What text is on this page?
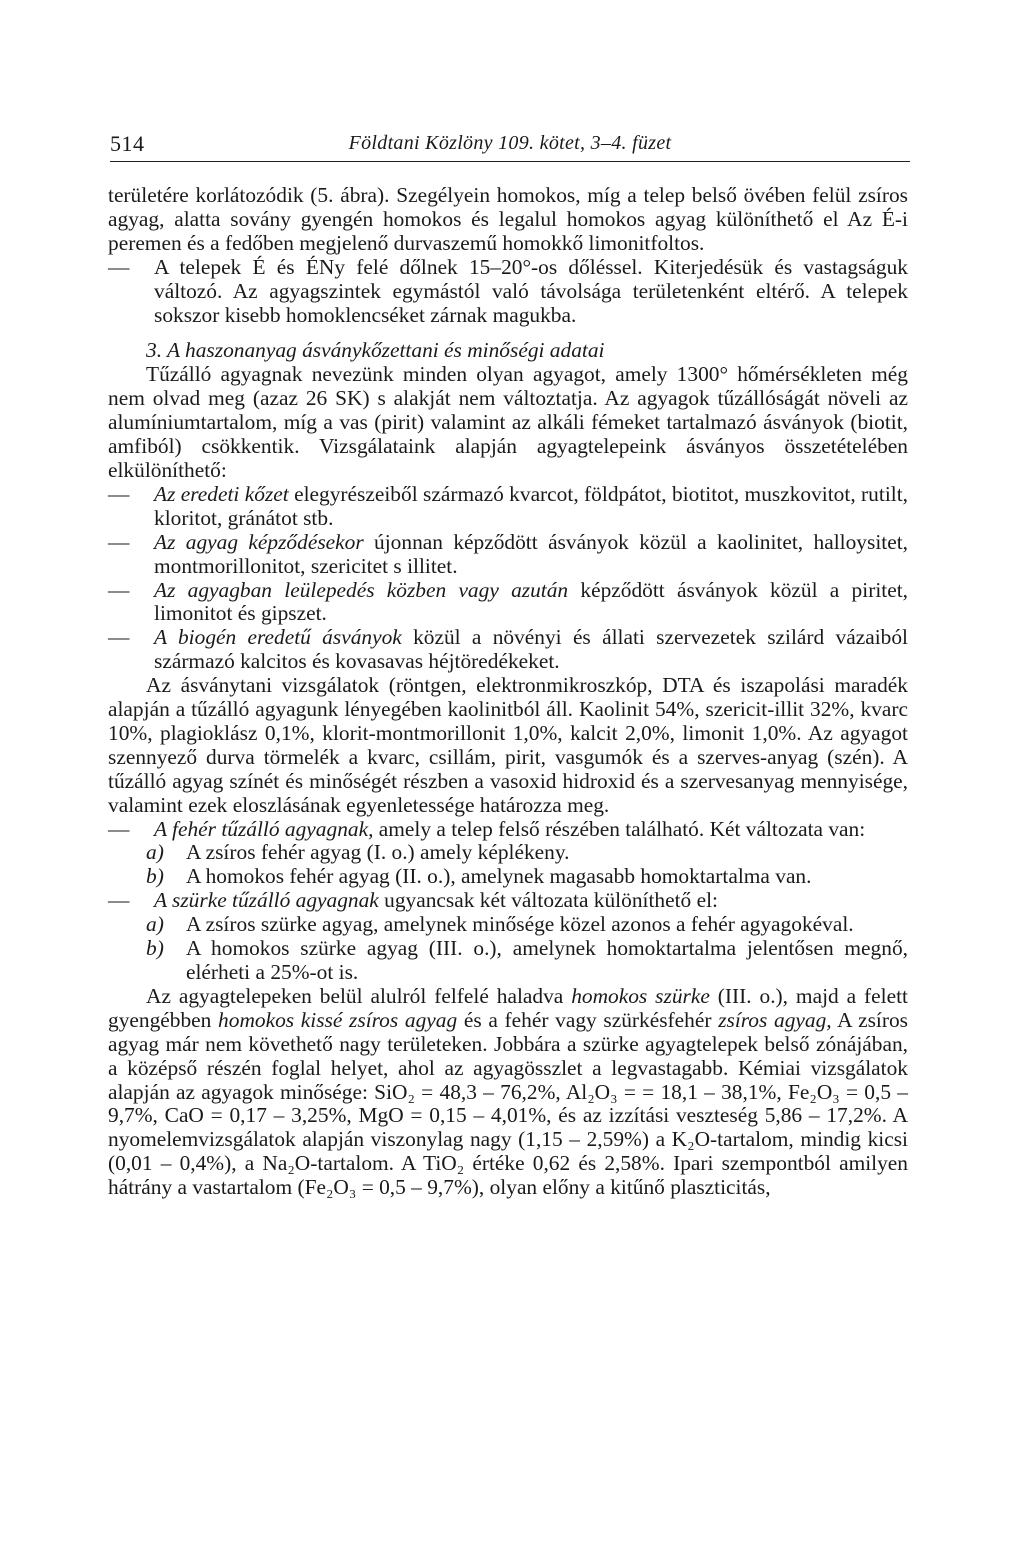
514	Földtani Közlöny 109. kötet, 3–4. füzet

területére korlátozódik (5. ábra). Szegélyein homokos, míg a telep belső övében felül zsíros agyag, alatta sovány gyengén homokos és legalul homokos agyag különíthető el Az É-i peremen és a fedőben megjelenő durvaszemű homokkő limonitfoltos.

— A telepek É és ÉNy felé dőlnek 15–20°-os dőléssel. Kiterjedésük és vastagságuk változó. Az agyagszintek egymástól való távolsága területenként eltérő. A telepek sokszor kisebb homoklencséket zárnak magukba.

3. A haszonanyag ásványkőzettani és minőségi adatai

Tűzálló agyagnak nevezünk minden olyan agyagot, amely 1300° hőmérsékleten még nem olvad meg (azaz 26 SK) s alakját nem változtatja. Az agyagok tűzállóságát növeli az alumíniumtartalom, míg a vas (pirit) valamint az alkáli fémeket tartalmazó ásványok (biotit, amfiból) csökkentik. Vizsgálataink alapján agyagtelepeink ásványos összetételében elkülöníthető:

— Az eredeti kőzet elegyrészeiből származó kvarcot, földpátot, biotitot, muszkovitot, rutilt, kloritot, gránátot stb.

— Az agyag képződésekor újonnan képződött ásványok közül a kaolinitet, halloysitet, montmorillonitot, szericitet s illitet.

— Az agyagban leülepedés közben vagy azután képződött ásványok közül a piritet, limonitot és gipszet.

— A biogén eredetű ásványok közül a növényi és állati szervezetek szilárd vázaiból származó kalcitos és kovasavas héjtöredékeket.

Az ásványtani vizsgálatok (röntgen, elektronmikroszkóp, DTA és iszapolási maradék alapján a tűzálló agyagunk lényegében kaolinitból áll. Kaolinit 54%, szericit-illit 32%, kvarc 10%, plagioklász 0,1%, klorit-montmorillonit 1,0%, kalcit 2,0%, limonit 1,0%. Az agyagot szennyező durva törmelék a kvarc, csillám, pirit, vasgumók és a szerves-anyag (szén). A tűzálló agyag színét és minőségét részben a vasoxid hidroxid és a szervesanyag mennyisége, valamint ezek eloszlásának egyenletessége határozza meg.

— A fehér tűzálló agyagnak, amely a telep felső részében található. Két változata van:

a) A zsíros fehér agyag (I. o.) amely képlékeny.
b) A homokos fehér agyag (II. o.), amelynek magasabb homoktartalma van.

— A szürke tűzálló agyagnak ugyancsak két változata különíthető el:

a) A zsíros szürke agyag, amelynek minősége közel azonos a fehér agyagokéval.
b) A homokos szürke agyag (III. o.), amelynek homoktartalma jelentősen megnő, elérheti a 25%-ot is.

Az agyagtelepeken belül alulról felfelé haladva homokos szürke (III. o.), majd a felett gyengébben homokos kissé zsíros agyag és a fehér vagy szürkésfehér zsíros agyag, A zsíros agyag már nem követhető nagy területeken. Jobbára a szürke agyagtelepek belső zónájában, a középső részén foglal helyet, ahol az agyagösszlet a legvastagabb. Kémiai vizsgálatok alapján az agyagok minősége: SiO₂ = 48,3 – 76,2%, Al₂O₃ = = 18,1 – 38,1%, Fe₂O₃ = 0,5 – 9,7%, CaO = 0,17 – 3,25%, MgO = 0,15 – 4,01%, és az izzítási veszteség 5,86 – 17,2%. A nyomelemvizsgálatok alapján viszonylag nagy (1,15 – 2,59%) a K₂O-tartalom, mindig kicsi (0,01 – 0,4%), a Na₂O-tartalom. A TiO₂ értéke 0,62 és 2,58%. Ipari szempontból amilyen hátrány a vastartalom (Fe₂O₃ = 0,5 – 9,7%), olyan előny a kitűnő plaszticitás,
